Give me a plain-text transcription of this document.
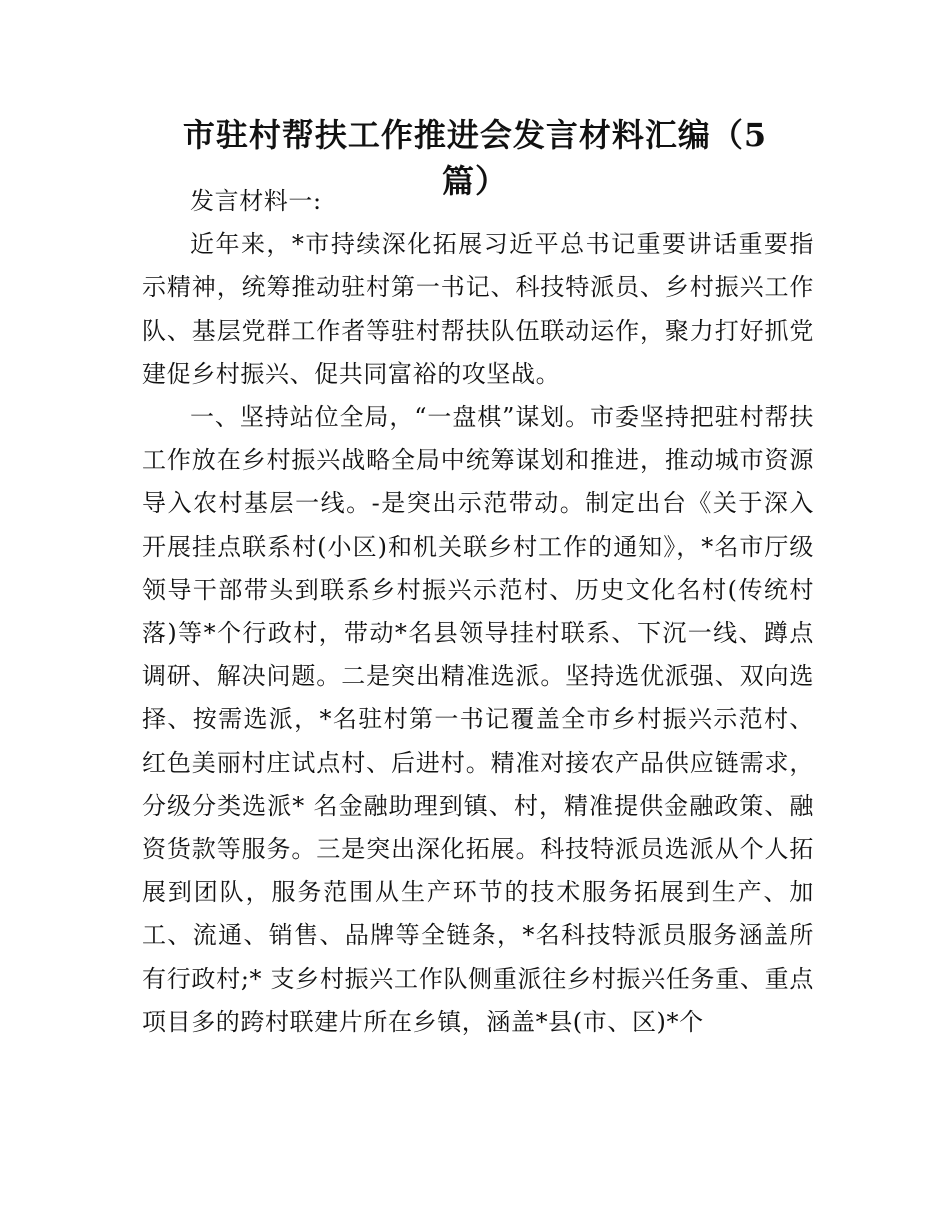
市驻村帮扶工作推进会发言材料汇编（5
篇）

发言材料一:

近年来，*市持续深化拓展习近平总书记重要讲话重要指示精神，统筹推动驻村第一书记、科技特派员、乡村振兴工作队、基层党群工作者等驻村帮扶队伍联动运作，聚力打好抓党建促乡村振兴、促共同富裕的攻坚战。

一、坚持站位全局，“一盘棋”谋划。市委坚持把驻村帮扶工作放在乡村振兴战略全局中统筹谋划和推进，推动城市资源导入农村基层一线。-是突出示范带动。制定出台《关于深入开展挂点联系村(小区)和机关联乡村工作的通知》，*名市厅级领导干部带头到联系乡村振兴示范村、历史文化名村(传统村落)等*个行政村，带动*名县领导挂村联系、下沉一线、蹲点调研、解决问题。二是突出精准选派。坚持选优派强、双向选择、按需选派，*名驻村第一书记覆盖全市乡村振兴示范村、红色美丽村庄试点村、后进村。精准对接农产品供应链需求，分级分类选派* 名金融助理到镇、村，精准提供金融政策、融资货款等服务。三是突出深化拓展。科技特派员选派从个人拓展到团队，服务范围从生产环节的技术服务拓展到生产、加工、流通、销售、品牌等全链条，*名科技特派员服务涵盖所有行政村;* 支乡村振兴工作队侧重派往乡村振兴任务重、重点项目多的跨村联建片所在乡镇，涵盖*县(市、区)*个
